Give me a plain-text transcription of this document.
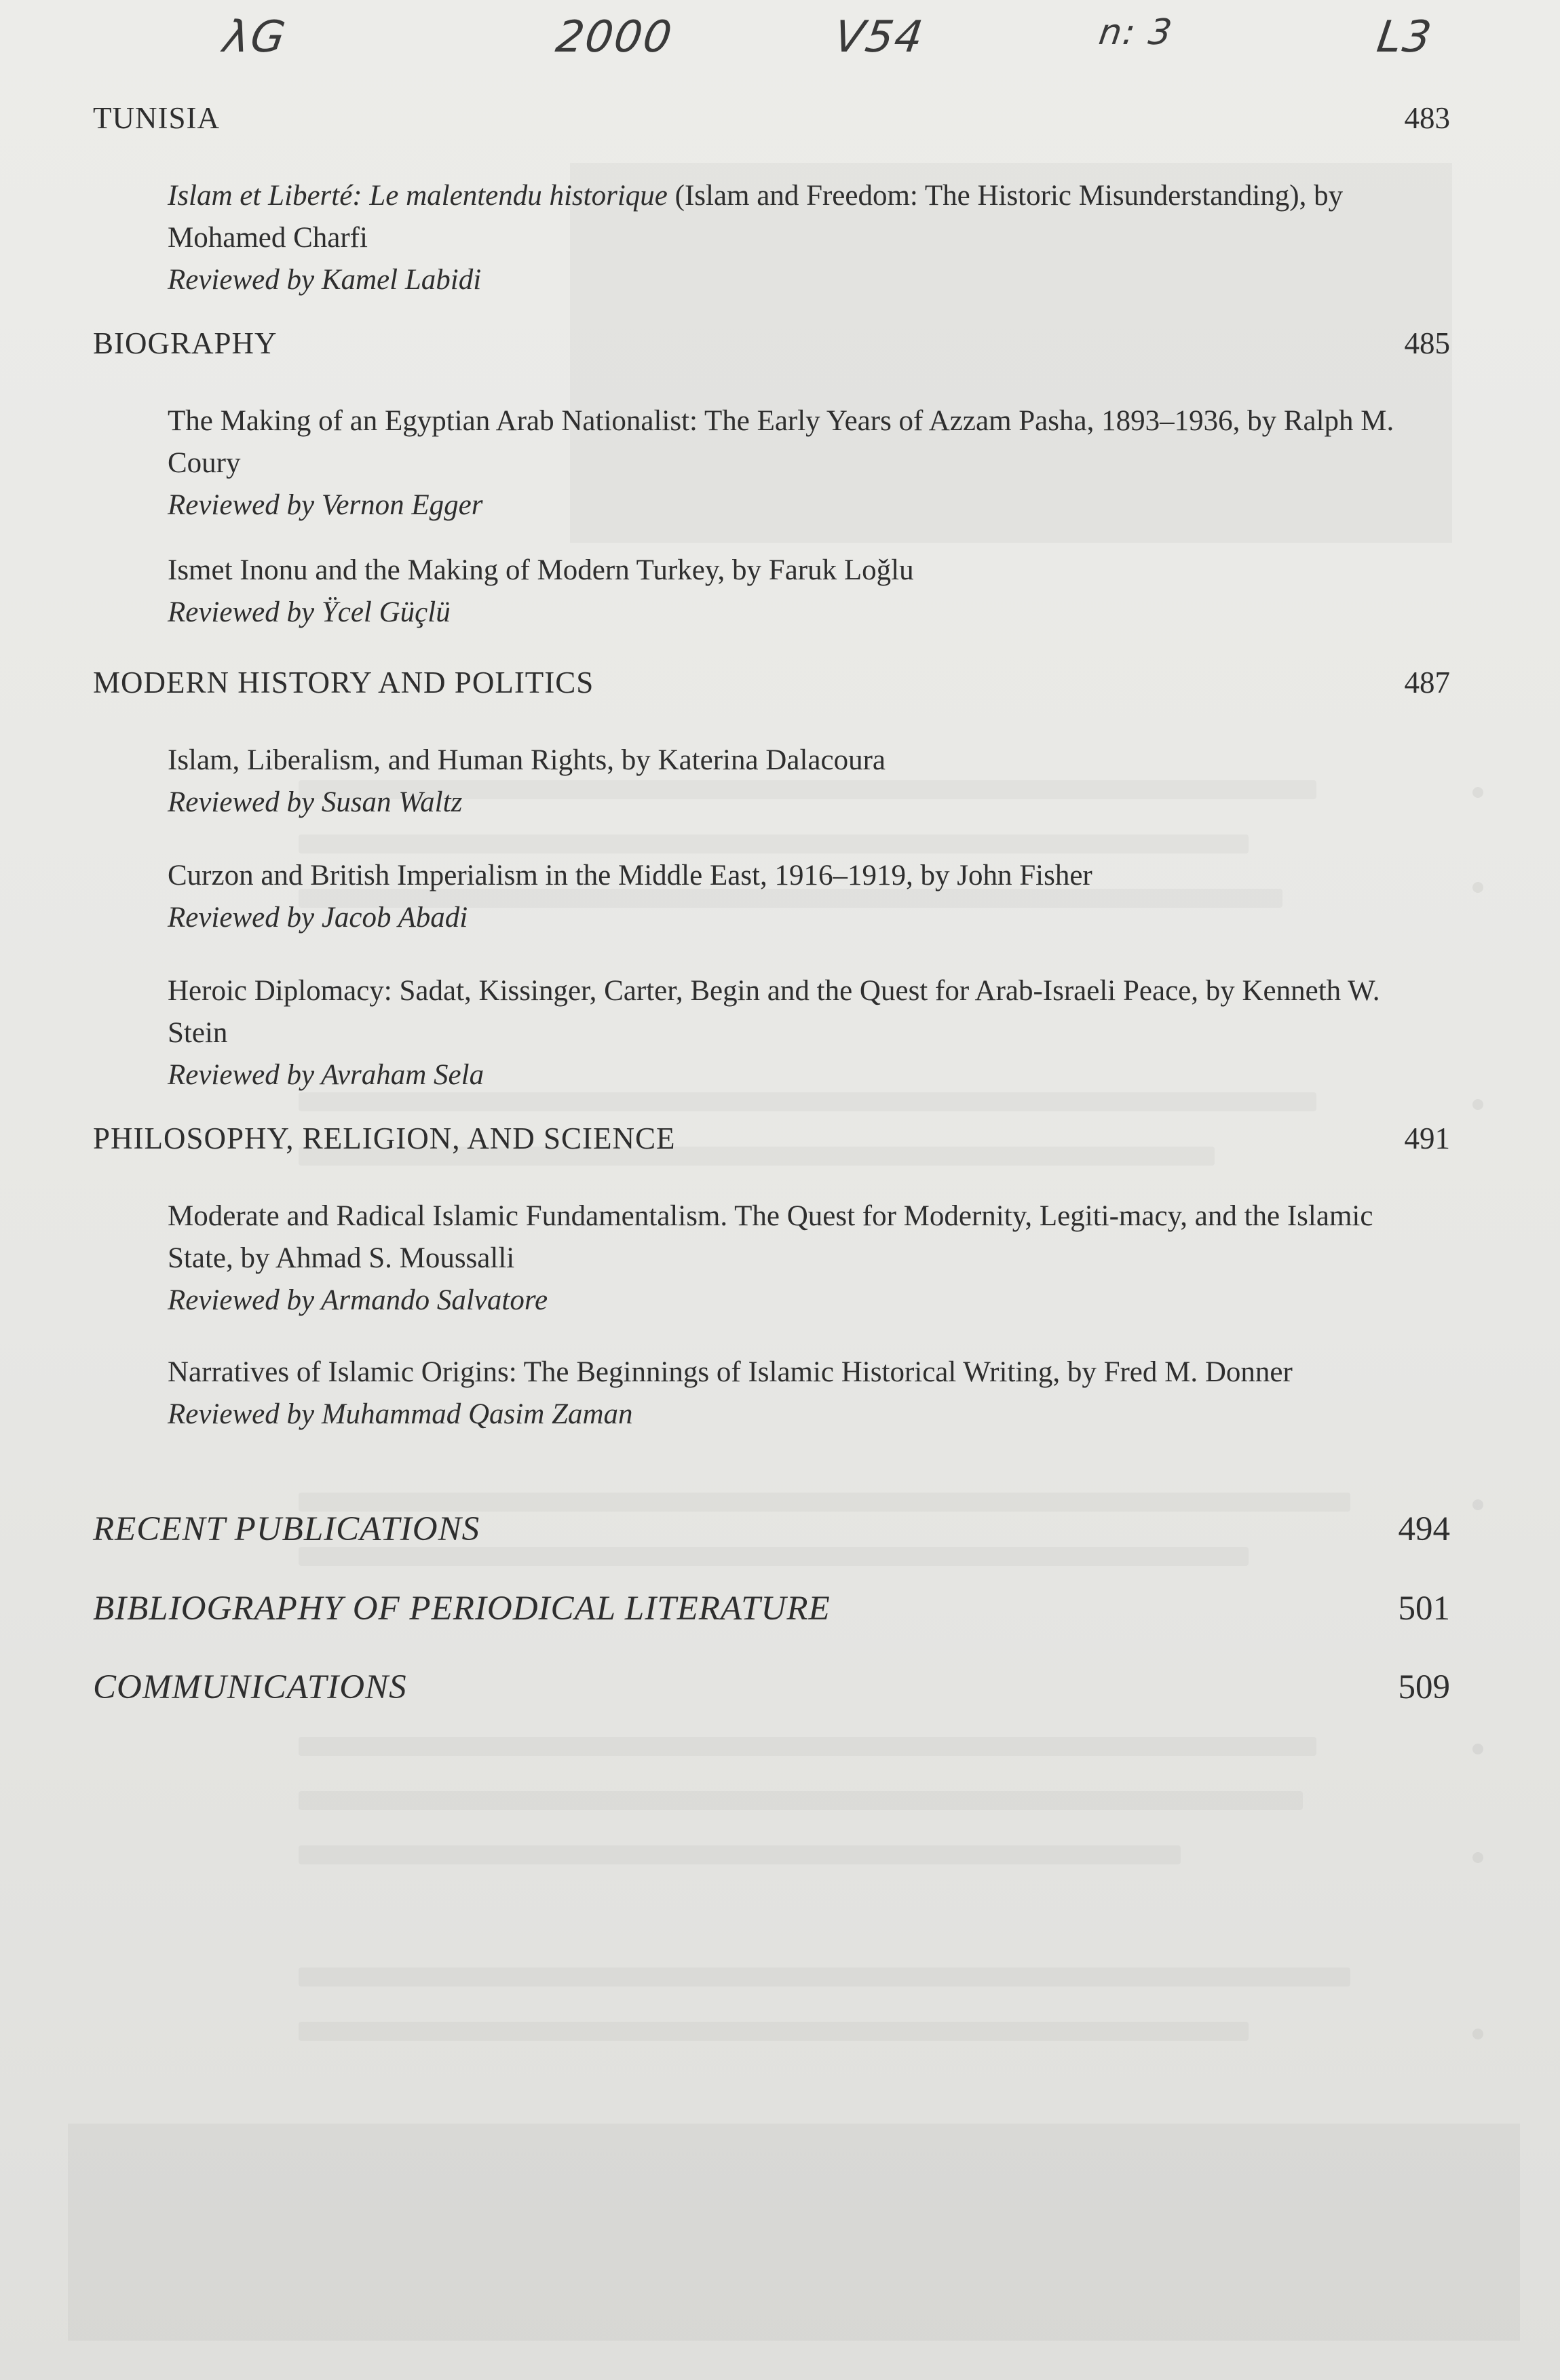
λG	2000	V54	n: 3	L3
TUNISIA	483
Islam et Liberté: Le malentendu historique (Islam and Freedom: The Historic Misunderstanding), by Mohamed Charfi
Reviewed by Kamel Labidi
BIOGRAPHY	485
The Making of an Egyptian Arab Nationalist: The Early Years of Azzam Pasha, 1893–1936, by Ralph M. Coury
Reviewed by Vernon Egger
Ismet Inonu and the Making of Modern Turkey, by Faruk Loǧlu
Reviewed by Ÿcel Güçlü
MODERN HISTORY AND POLITICS	487
Islam, Liberalism, and Human Rights, by Katerina Dalacoura
Reviewed by Susan Waltz
Curzon and British Imperialism in the Middle East, 1916–1919, by John Fisher
Reviewed by Jacob Abadi
Heroic Diplomacy: Sadat, Kissinger, Carter, Begin and the Quest for Arab-Israeli Peace, by Kenneth W. Stein
Reviewed by Avraham Sela
PHILOSOPHY, RELIGION, AND SCIENCE	491
Moderate and Radical Islamic Fundamentalism. The Quest for Modernity, Legiti-macy, and the Islamic State, by Ahmad S. Moussalli
Reviewed by Armando Salvatore
Narratives of Islamic Origins: The Beginnings of Islamic Historical Writing, by Fred M. Donner
Reviewed by Muhammad Qasim Zaman
RECENT PUBLICATIONS	494
BIBLIOGRAPHY OF PERIODICAL LITERATURE	501
COMMUNICATIONS	509
